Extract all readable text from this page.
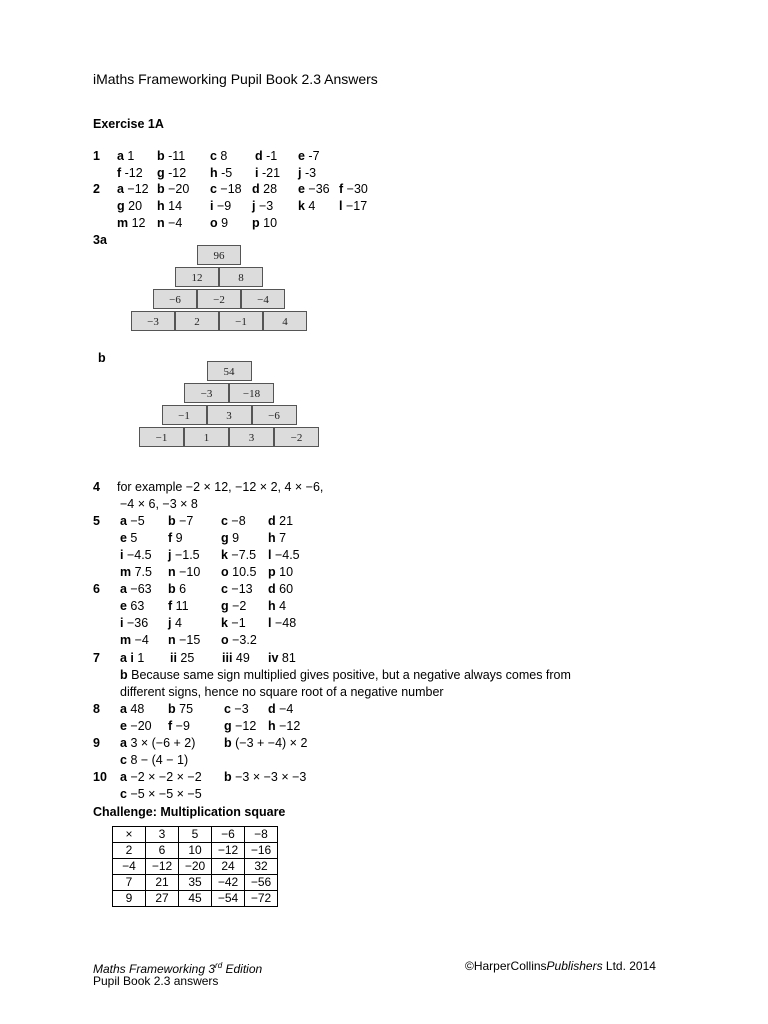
iMaths Frameworking Pupil Book 2.3 Answers
Exercise 1A
1 a 1 b -11 c 8 d -1 e -7
f -12 g -12 h -5 i -21 j -3
2 a −12 b −20 c −18 d 28 e −36 f −30
g 20 h 14 i −9 j −3 k 4 l −17
m 12 n −4 o 9 p 10
5 a −5 b −7 c −8 d 21
e 5 f 9	g 9 h 7
i −4.5 j −1.5 k −7.5 l −4.5
m 7.5 n −10 o 10.5 p 10
6 a −63 b 6	c −13 d 60
e 63 f 11	g −2 h 4
i −36 j 4	k −1 l −48
m −4 n −15 o −3.2
8 a 48 b 75 c −3 d −4
e −20 f −9	g −12 h −12
3a
96
12	8
−6	−2	−4
−3	2	−1	4
b
54
−3	−18
−1	3	−6
−1	1	3	−2
4 for example −2 × 12, −12 × 2, 4 × −6,
−4 × 6, −3 × 8
7 a i 1 ii 25 iii 49 iv 81
b Because same sign multiplied gives positive, but a negative always comes from
different signs, hence no square root of a negative number
9 a 3 × (−6 + 2) b (−3 + −4) × 2
c 8 − (4 − 1)
10 a −2 × −2 × −2 b −3 × −3 × −3
c −5 × −5 × −5
Challenge: Multiplication square
×	3	5	−6	−8
2	6	10	−12	−16
−4	−12	−20	24	32
7	21	35	−42	−56
9	27	45	−54	−72
Maths Frameworking 3rd Edition
Pupil Book 2.3 answers
©HarperCollinsPublishers Ltd. 2014
